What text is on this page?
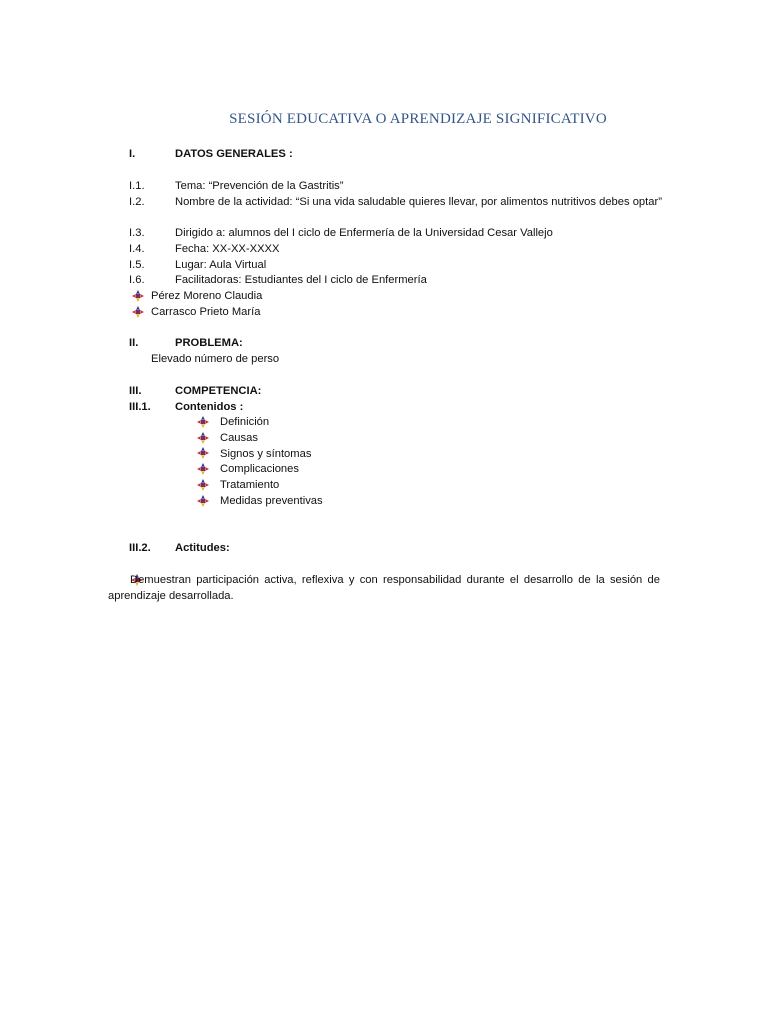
SESIÓN EDUCATIVA O APRENDIZAJE SIGNIFICATIVO
I.	DATOS GENERALES :
I.1.	Tema: “Prevención de la Gastritis”
I.2.	Nombre de la actividad: “Si una vida saludable quieres llevar, por alimentos nutritivos debes optar”
I.3.	Dirigido a: alumnos del I ciclo de Enfermería de la Universidad Cesar Vallejo
I.4.	Fecha: XX-XX-XXXX
I.5.	Lugar: Aula Virtual
I.6.	Facilitadoras: Estudiantes del I ciclo de Enfermería
Pérez Moreno Claudia
Carrasco Prieto María
II.	PROBLEMA:
Elevado número de perso
III.	COMPETENCIA:
III.1. Contenidos :
Definición
Causas
Signos y síntomas
Complicaciones
Tratamiento
Medidas preventivas
III.2. Actitudes:
Demuestran participación activa, reflexiva y con responsabilidad durante el desarrollo de la sesión de aprendizaje desarrollada.
